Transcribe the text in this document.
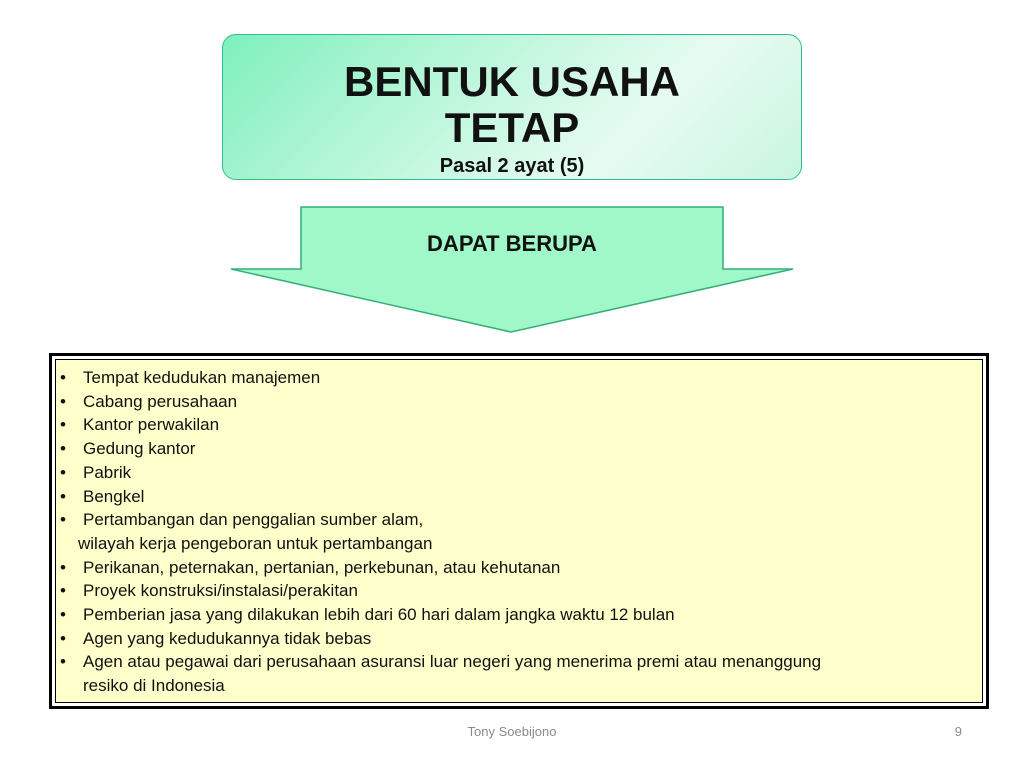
BENTUK USAHA
TETAP
Pasal 2 ayat (5)
DAPAT BERUPA
• Tempat kedudukan manajemen
• Cabang perusahaan
• Kantor perwakilan
• Gedung kantor
• Pabrik
• Bengkel
• Pertambangan dan penggalian sumber alam,
wilayah kerja pengeboran untuk pertambangan
• Perikanan, peternakan, pertanian, perkebunan, atau kehutanan
• Proyek konstruksi/instalasi/perakitan
• Pemberian jasa yang dilakukan lebih dari 60 hari dalam jangka waktu 12 bulan
• Agen yang kedudukannya tidak bebas
• Agen atau pegawai dari perusahaan asuransi luar negeri yang menerima premi atau menanggung
resiko di Indonesia
Tony Soebijono	9
